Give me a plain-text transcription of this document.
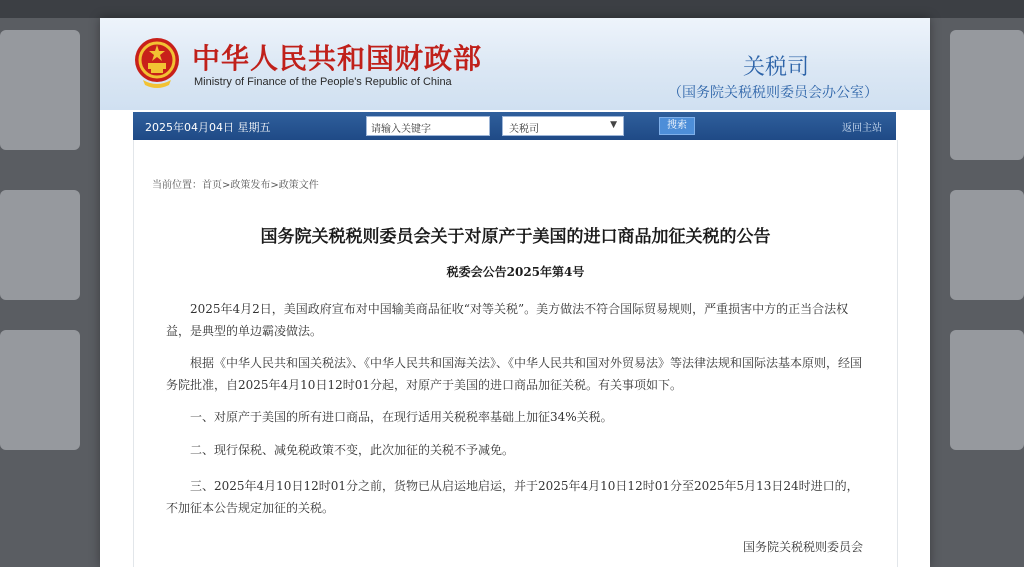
中华人民共和国财政部
Ministry of Finance of the People's Republic of China
关税司
（国务院关税税则委员会办公室）
2025年04月04日 星期五	请输入关键字	关税司	▼	搜索	返回主站
当前位置：首页>政策发布>政策文件
国务院关税税则委员会关于对原产于美国的进口商品加征关税的公告
税委会公告2025年第4号
2025年4月2日，美国政府宣布对中国输美商品征收“对等关税”。美方做法不符合国际贸易规则，严重损害中方的正当合法权益，是典型的单边霸凌做法。
根据《中华人民共和国关税法》、《中华人民共和国海关法》、《中华人民共和国对外贸易法》等法律法规和国际法基本原则，经国务院批准，自2025年4月10日12时01分起，对原产于美国的进口商品加征关税。有关事项如下。
一、对原产于美国的所有进口商品，在现行适用关税税率基础上加征34%关税。
二、现行保税、减免税政策不变，此次加征的关税不予减免。
三、2025年4月10日12时01分之前，货物已从启运地启运，并于2025年4月10日12时01分至2025年5月13日24时进口的，不加征本公告规定加征的关税。
国务院关税税则委员会
